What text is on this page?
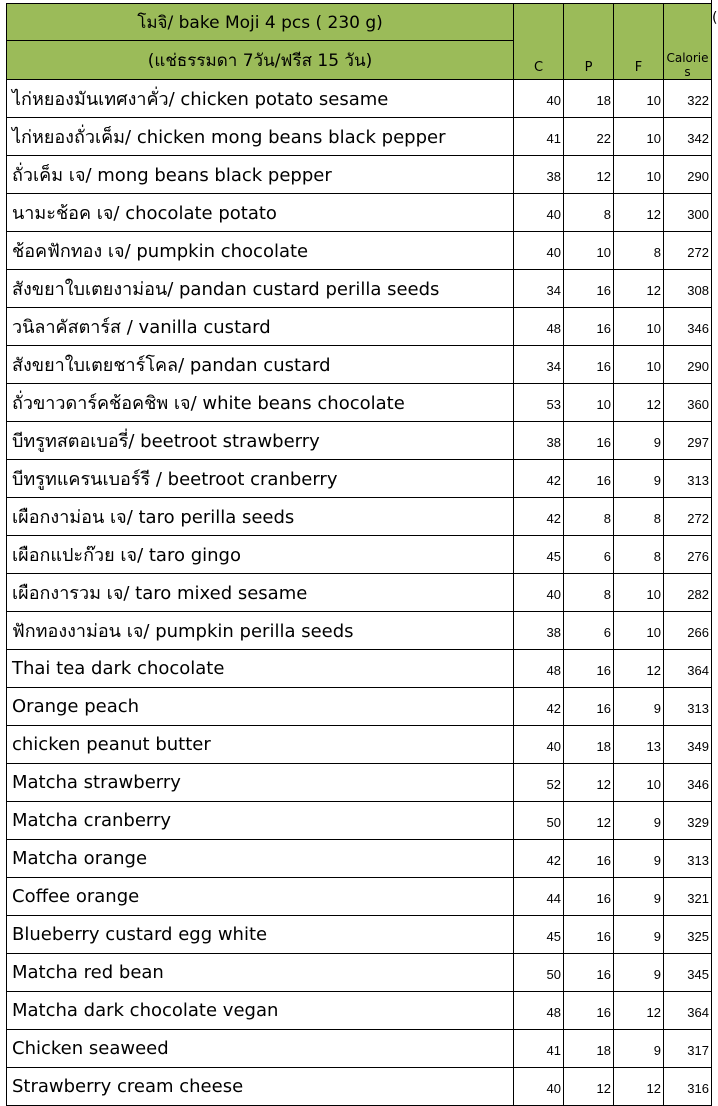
โมจิ/ bake Moji 4 pcs ( 230 g)	C	P	F	Calories
(แช่ธรรมดา 7วัน/ฟรีส 15 วัน)				
ไก่หยองมันเทศงาคั่ว/ chicken potato sesame	40	18	10	322
ไก่หยองถั่วเค็ม/ chicken mong beans black pepper	41	22	10	342
ถั่วเค็ม เจ/ mong beans black pepper	38	12	10	290
นามะช้อค เจ/ chocolate potato	40	8	12	300
ช้อคฟักทอง เจ/ pumpkin chocolate	40	10	8	272
สังขยาใบเตยงาม่อน/ pandan custard perilla seeds	34	16	12	308
วนิลาคัสตาร์ส / vanilla custard	48	16	10	346
สังขยาใบเตยชาร์โคล/ pandan custard	34	16	10	290
ถั่วขาวดาร์คช้อคชิพ เจ/ white beans chocolate	53	10	12	360
บีทรูทสตอเบอรี่/ beetroot strawberry	38	16	9	297
บีทรูทแครนเบอร์รี / beetroot cranberry	42	16	9	313
เผือกงาม่อน เจ/ taro perilla seeds	42	8	8	272
เผือกแปะก๊วย เจ/ taro gingo	45	6	8	276
เผือกงารวม เจ/ taro mixed sesame	40	8	10	282
ฟักทองงาม่อน เจ/ pumpkin perilla seeds	38	6	10	266
Thai tea dark chocolate	48	16	12	364
Orange peach	42	16	9	313
chicken peanut butter	40	18	13	349
Matcha strawberry	52	12	10	346
Matcha cranberry	50	12	9	329
Matcha orange	42	16	9	313
Coffee orange	44	16	9	321
Blueberry custard egg white	45	16	9	325
Matcha red bean	50	16	9	345
Matcha dark chocolate vegan	48	16	12	364
Chicken seaweed	41	18	9	317
Strawberry cream cheese	40	12	12	316
(
